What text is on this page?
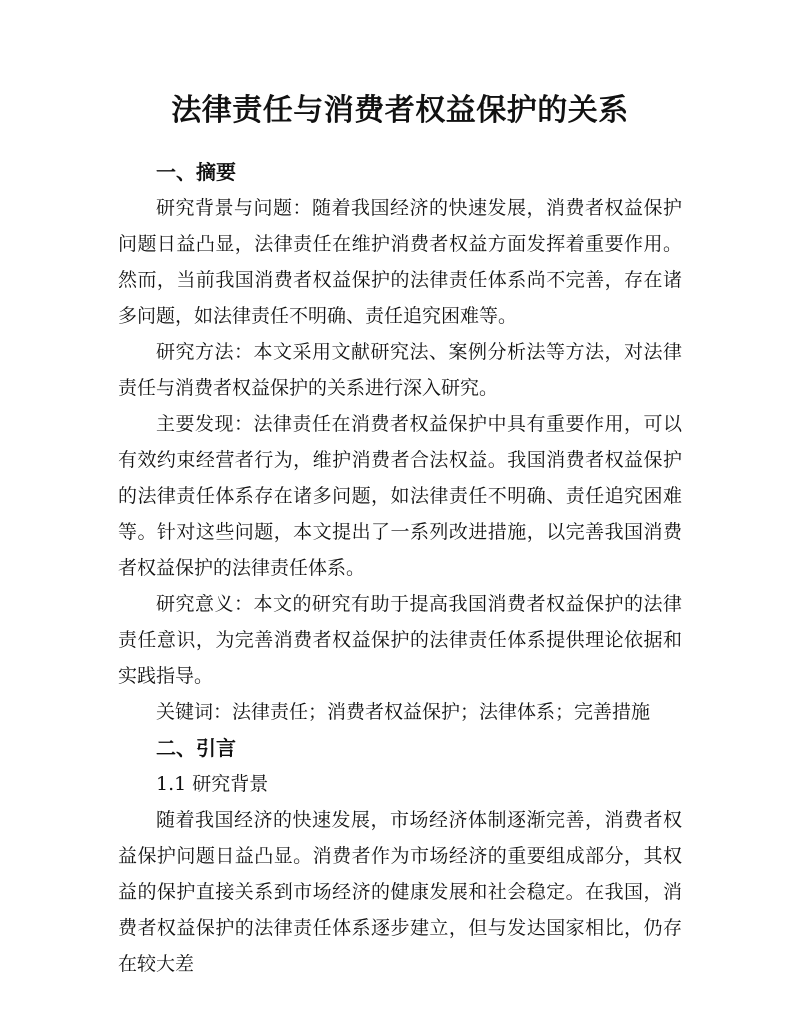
法律责任与消费者权益保护的关系
一、摘要

研究背景与问题：随着我国经济的快速发展，消费者权益保护问题日益凸显，法律责任在维护消费者权益方面发挥着重要作用。然而，当前我国消费者权益保护的法律责任体系尚不完善，存在诸多问题，如法律责任不明确、责任追究困难等。

研究方法：本文采用文献研究法、案例分析法等方法，对法律责任与消费者权益保护的关系进行深入研究。

主要发现：法律责任在消费者权益保护中具有重要作用，可以有效约束经营者行为，维护消费者合法权益。我国消费者权益保护的法律责任体系存在诸多问题，如法律责任不明确、责任追究困难等。针对这些问题，本文提出了一系列改进措施，以完善我国消费者权益保护的法律责任体系。

研究意义：本文的研究有助于提高我国消费者权益保护的法律责任意识，为完善消费者权益保护的法律责任体系提供理论依据和实践指导。

关键词：法律责任；消费者权益保护；法律体系；完善措施

二、引言

1.1 研究背景

随着我国经济的快速发展，市场经济体制逐渐完善，消费者权益保护问题日益凸显。消费者作为市场经济的重要组成部分，其权益的保护直接关系到市场经济的健康发展和社会稳定。在我国，消费者权益保护的法律责任体系逐步建立，但与发达国家相比，仍存在较大差
